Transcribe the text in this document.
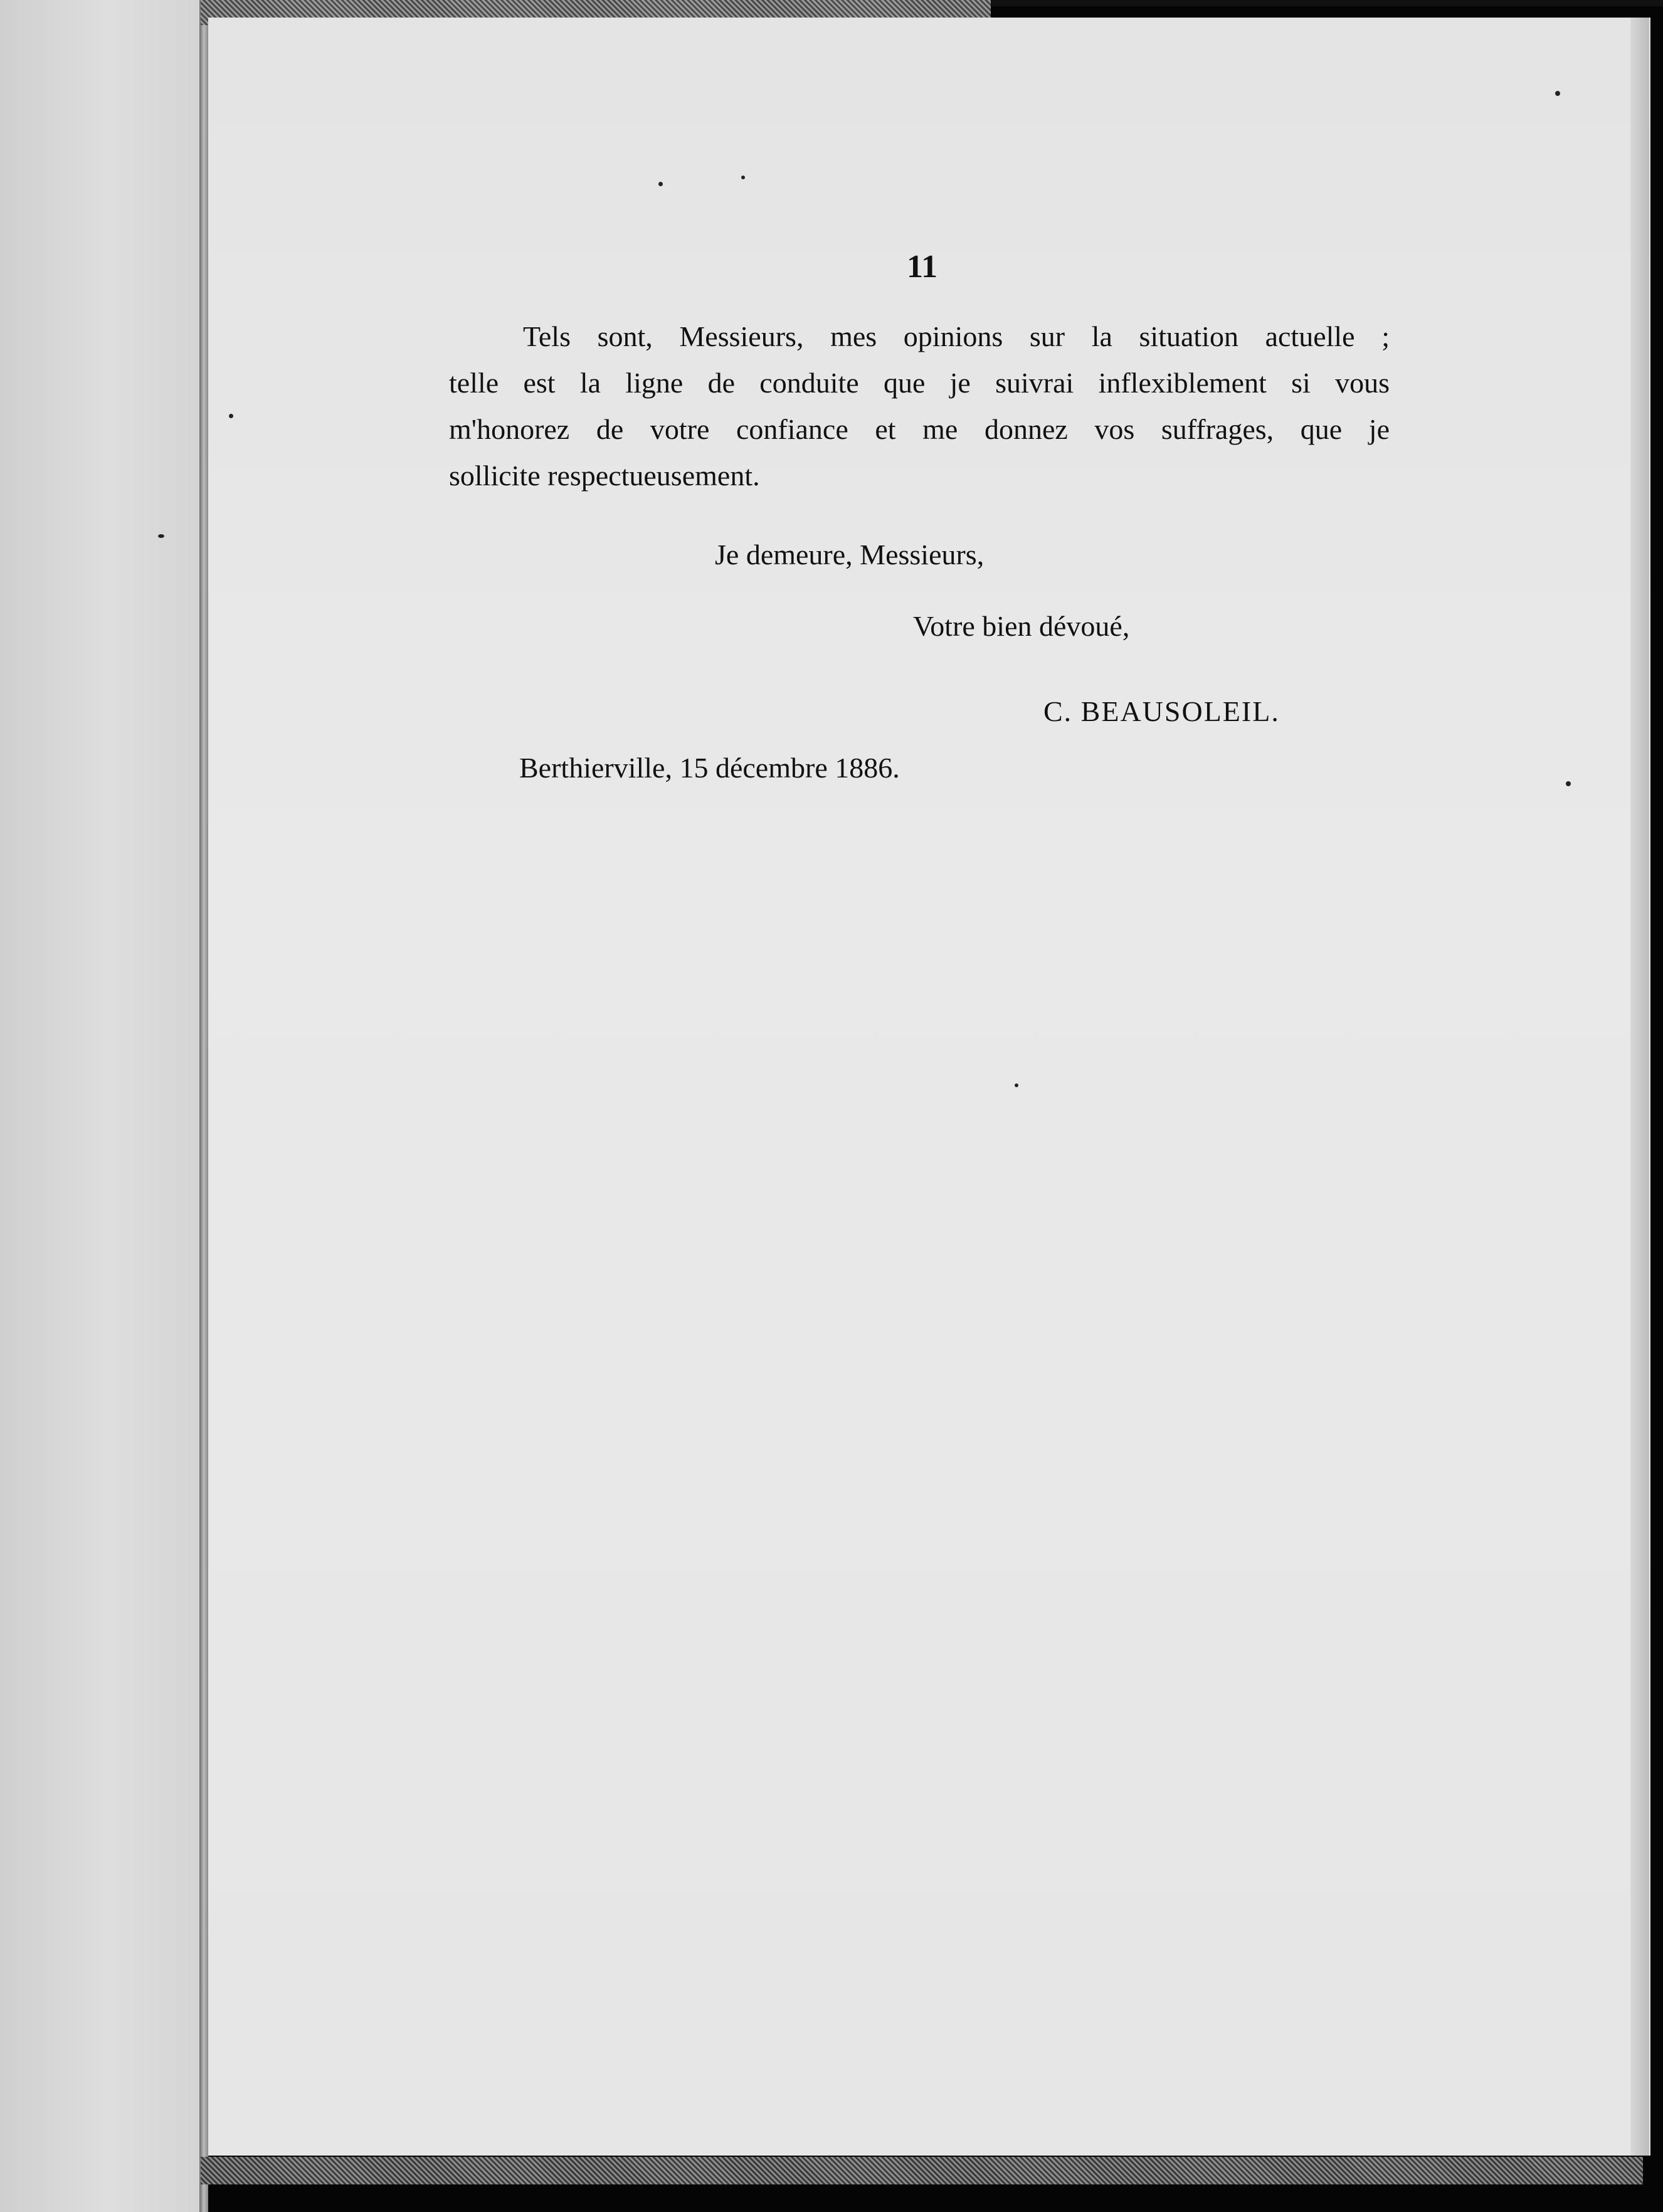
11
Tels sont, Messieurs, mes opinions sur la situation actuelle ;
telle est la ligne de conduite que je suivrai inflexiblement si vous
m'honorez de votre confiance et me donnez vos suffrages, que je
sollicite respectueusement.
Je demeure, Messieurs,
Votre bien dévoué,
C. BEAUSOLEIL.
Berthierville, 15 décembre 1886.
